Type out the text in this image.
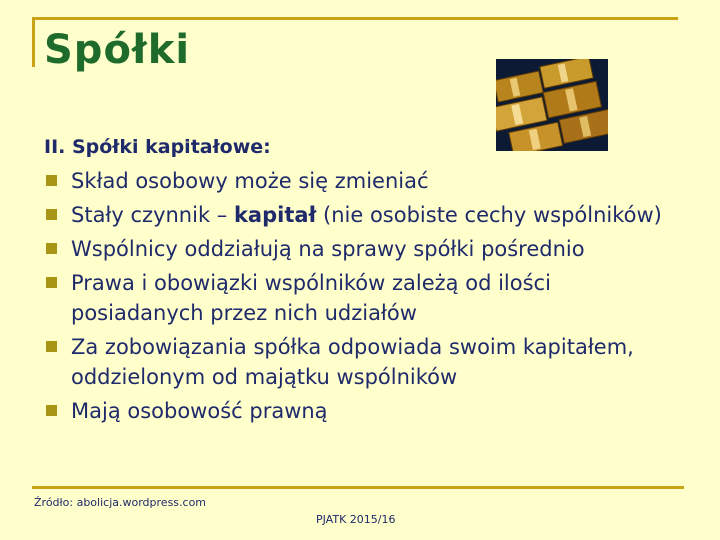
Spółki
II. Spółki kapitałowe:
Skład osobowy może się zmieniać
Stały czynnik – kapitał (nie osobiste cechy wspólników)
Wspólnicy oddziałują na sprawy spółki pośrednio
Prawa i obowiązki wspólników zależą od ilości posiadanych przez nich udziałów
Za zobowiązania spółka odpowiada swoim kapitałem, oddzielonym od majątku wspólników
Mają osobowość prawną
Źródło: abolicja.wordpress.com
PJATK 2015/16
